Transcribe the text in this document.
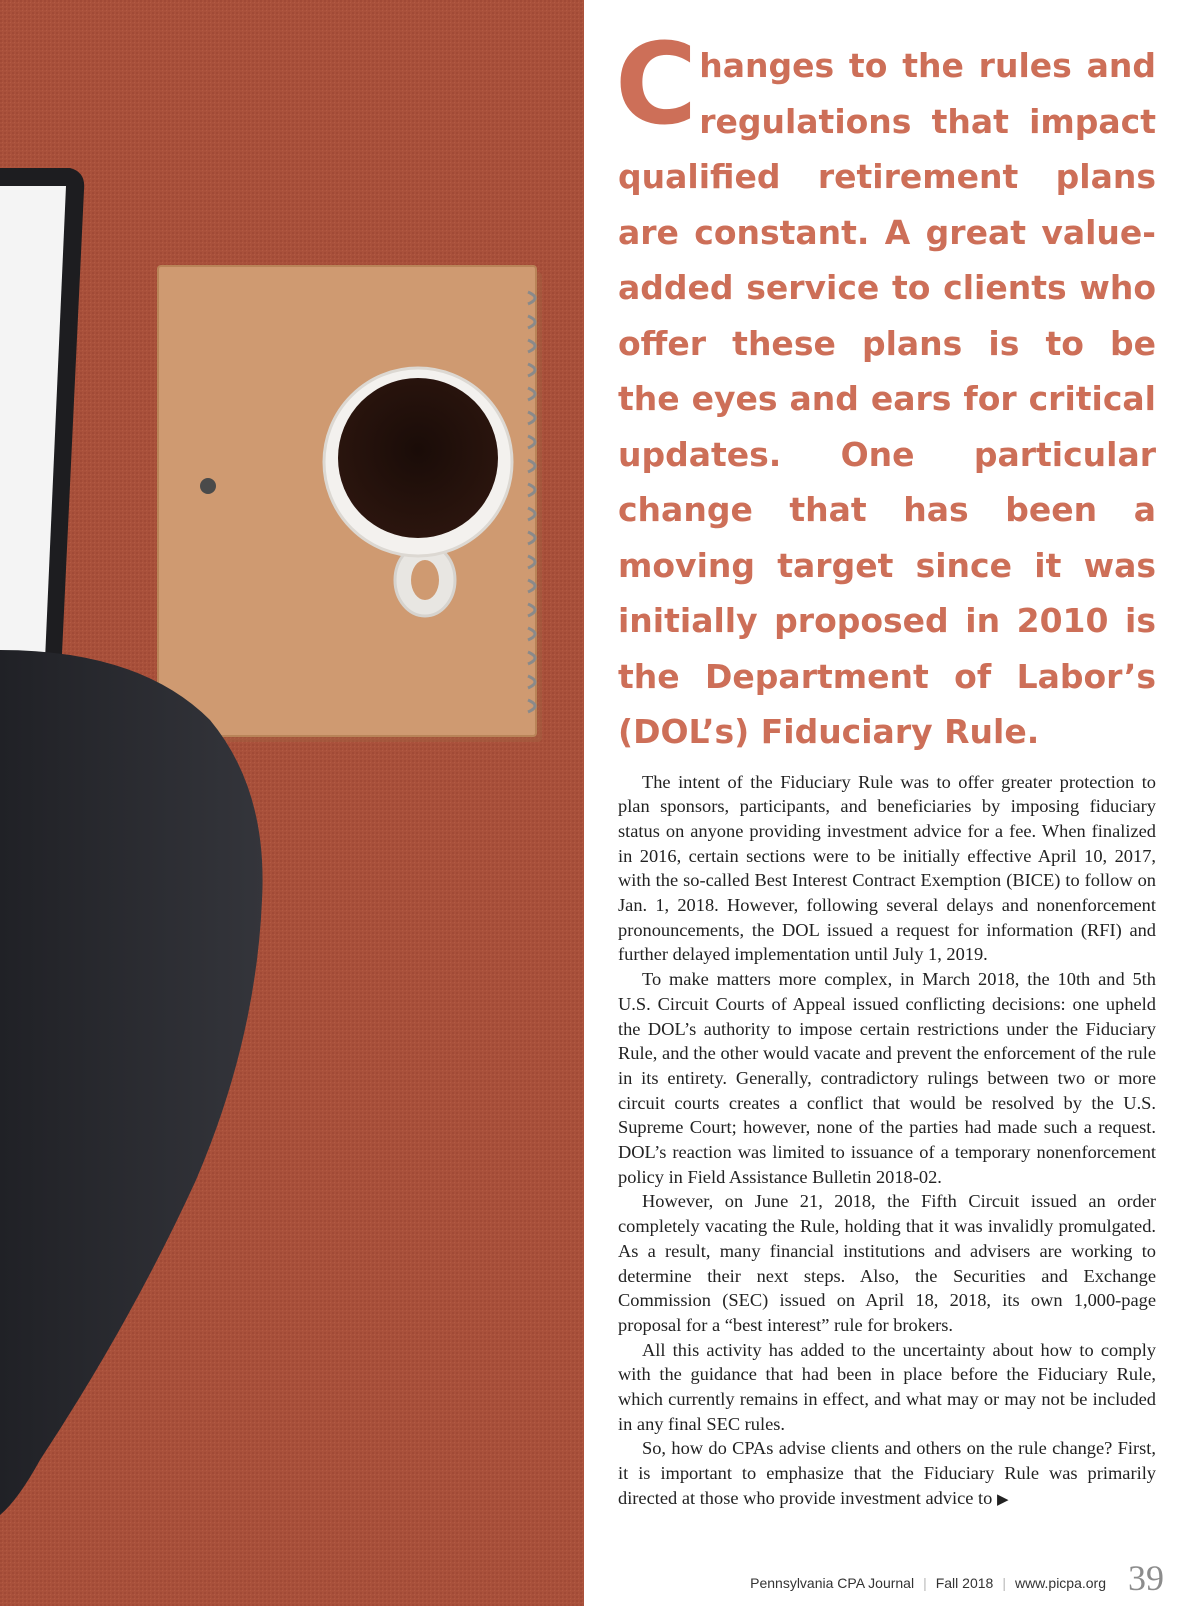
Changes to the rules and regulations that impact qualified retirement plans are constant. A great value-added service to clients who offer these plans is to be the eyes and ears for critical updates. One particular change that has been a moving target since it was initially proposed in 2010 is the Department of Labor’s (DOL’s) Fiduciary Rule.

The intent of the Fiduciary Rule was to offer greater protection to plan sponsors, participants, and beneficiaries by imposing fiduciary status on anyone providing investment advice for a fee. When finalized in 2016, certain sections were to be initially effective April 10, 2017, with the so-called Best Interest Contract Exemption (BICE) to follow on Jan. 1, 2018. However, following several delays and nonenforcement pronouncements, the DOL issued a request for information (RFI) and further delayed implementation until July 1, 2019.

To make matters more complex, in March 2018, the 10th and 5th U.S. Circuit Courts of Appeal issued conflicting decisions: one upheld the DOL’s authority to impose certain restrictions under the Fiduciary Rule, and the other would vacate and prevent the enforcement of the rule in its entirety. Generally, contradictory rulings between two or more circuit courts creates a conflict that would be resolved by the U.S. Supreme Court; however, none of the parties had made such a request. DOL’s reaction was limited to issuance of a temporary nonenforcement policy in Field Assistance Bulletin 2018-02.

However, on June 21, 2018, the Fifth Circuit issued an order completely vacating the Rule, holding that it was invalidly promulgated. As a result, many financial institutions and advisers are working to determine their next steps. Also, the Securities and Exchange Commission (SEC) issued on April 18, 2018, its own 1,000-page proposal for a “best interest” rule for brokers.

All this activity has added to the uncertainty about how to comply with the guidance that had been in place before the Fiduciary Rule, which currently remains in effect, and what may or may not be included in any final SEC rules.

So, how do CPAs advise clients and others on the rule change? First, it is important to emphasize that the Fiduciary Rule was primarily directed at those who provide investment advice to ▶

Pennsylvania CPA Journal | Fall 2018 | www.picpa.org 39
